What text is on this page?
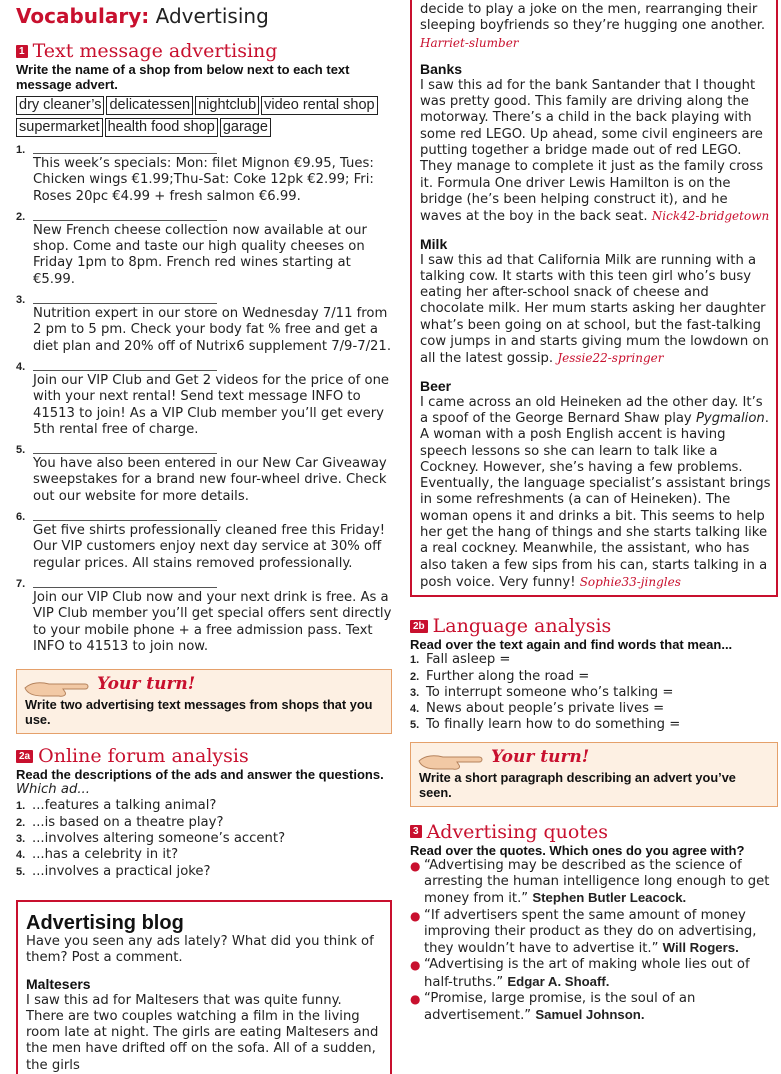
Vocabulary: Advertising
1 Text message advertising
Write the name of a shop from below next to each text message advert.
dry cleaner’s delicatessen nightclub video rental shop
supermarket health food shop garage
1.
This week’s specials: Mon: filet Mignon €9.95, Tues: Chicken wings €1.99;Thu-Sat: Coke 12pk €2.99; Fri: Roses 20pc €4.99 + fresh salmon €6.99.
2.
New French cheese collection now available at our shop. Come and taste our high quality cheeses on Friday 1pm to 8pm. French red wines starting at €5.99.
3.
Nutrition expert in our store on Wednesday 7/11 from 2 pm to 5 pm. Check your body fat % free and get a diet plan and 20% off of Nutrix6 supplement 7/9-7/21.
4.
Join our VIP Club and Get 2 videos for the price of one with your next rental! Send text message INFO to 41513 to join! As a VIP Club member you’ll get every 5th rental free of charge.
5.
You have also been entered in our New Car Giveaway sweepstakes for a brand new four-wheel drive. Check out our website for more details.
6.
Get five shirts professionally cleaned free this Friday! Our VIP customers enjoy next day service at 30% off regular prices. All stains removed professionally.
7.
Join our VIP Club now and your next drink is free. As a VIP Club member you’ll get special offers sent directly to your mobile phone + a free admission pass. Text INFO to 41513 to join now.
Your turn!
Write two advertising text messages from shops that you use.
2a Online forum analysis
Read the descriptions of the ads and answer the questions.
Which ad...
1. ...features a talking animal?
2. ...is based on a theatre play?
3. ...involves altering someone’s accent?
4. ...has a celebrity in it?
5. ...involves a practical joke?
Advertising blog
Have you seen any ads lately? What did you think of them? Post a comment.
Maltesers
I saw this ad for Maltesers that was quite funny. There are two couples watching a film in the living room late at night. The girls are eating Maltesers and the men have drifted off on the sofa. All of a sudden, the girls
decide to play a joke on the men, rearranging their sleeping boyfriends so they’re hugging one another.
Harriet-slumber
Banks
I saw this ad for the bank Santander that I thought was pretty good. This family are driving along the motorway. There’s a child in the back playing with some red LEGO. Up ahead, some civil engineers are putting together a bridge made out of red LEGO. They manage to complete it just as the family cross it. Formula One driver Lewis Hamilton is on the bridge (he’s been helping construct it), and he waves at the boy in the back seat. Nick42-bridgetown
Milk
I saw this ad that California Milk are running with a talking cow. It starts with this teen girl who’s busy eating her after-school snack of cheese and chocolate milk. Her mum starts asking her daughter what’s been going on at school, but the fast-talking cow jumps in and starts giving mum the lowdown on all the latest gossip. Jessie22-springer
Beer
I came across an old Heineken ad the other day. It’s a spoof of the George Bernard Shaw play Pygmalion. A woman with a posh English accent is having speech lessons so she can learn to talk like a Cockney. However, she’s having a few problems. Eventually, the language specialist’s assistant brings in some refreshments (a can of Heineken). The woman opens it and drinks a bit. This seems to help her get the hang of things and she starts talking like a real cockney. Meanwhile, the assistant, who has also taken a few sips from his can, starts talking in a posh voice. Very funny! Sophie33-jingles
2b Language analysis
Read over the text again and find words that mean...
1. Fall asleep =
2. Further along the road =
3. To interrupt someone who’s talking =
4. News about people’s private lives =
5. To finally learn how to do something =
Your turn!
Write a short paragraph describing an advert you’ve seen.
3 Advertising quotes
Read over the quotes. Which ones do you agree with?
● “Advertising may be described as the science of arresting the human intelligence long enough to get money from it.” Stephen Butler Leacock.
● “If advertisers spent the same amount of money improving their product as they do on advertising, they wouldn’t have to advertise it.” Will Rogers.
● “Advertising is the art of making whole lies out of half-truths.” Edgar A. Shoaff.
● “Promise, large promise, is the soul of an advertisement.” Samuel Johnson.
